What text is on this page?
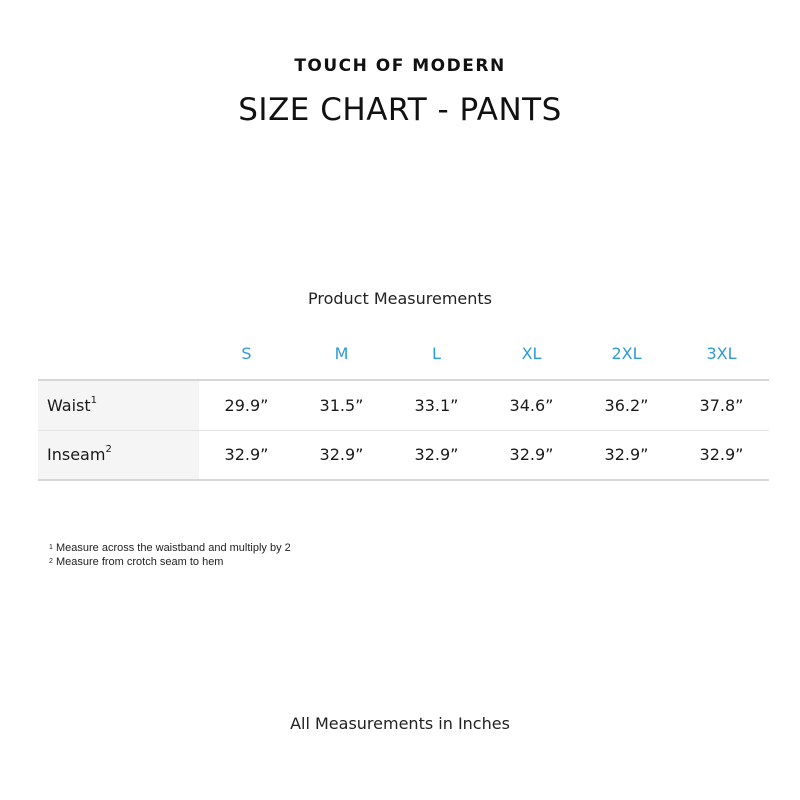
TOUCH OF MODERN
SIZE CHART - PANTS
Product Measurements
	S	M	L	XL	2XL	3XL
Waist$^1$	29.9”	31.5”	33.1”	34.6”	36.2”	37.8”
Inseam$^2$	32.9”	32.9”	32.9”	32.9”	32.9”	32.9”
$^1$ Measure across the waistband and multiply by 2
$^2$ Measure from crotch seam to hem
All Measurements in Inches
